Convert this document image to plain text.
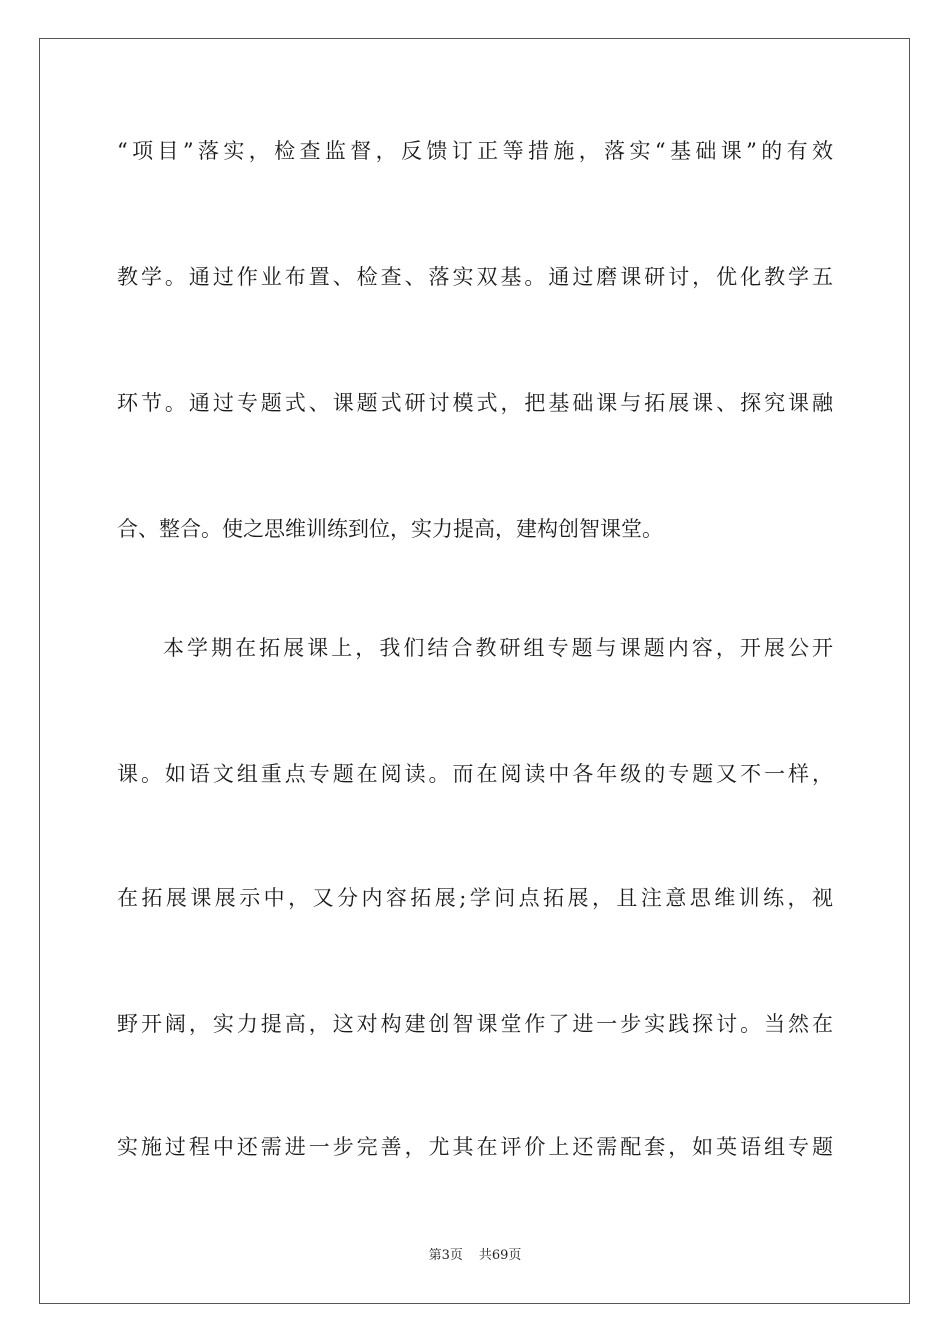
“项目”落实，检查监督，反馈订正等措施，落实“基础课”的有效
教学。通过作业布置、检查、落实双基。通过磨课研讨，优化教学五
环节。通过专题式、课题式研讨模式，把基础课与拓展课、探究课融
合、整合。使之思维训练到位，实力提高，建构创智课堂。
本学期在拓展课上，我们结合教研组专题与课题内容，开展公开
课。如语文组重点专题在阅读。而在阅读中各年级的专题又不一样，
在拓展课展示中，又分内容拓展;学问点拓展，且注意思维训练，视
野开阔，实力提高，这对构建创智课堂作了进一步实践探讨。当然在
实施过程中还需进一步完善，尤其在评价上还需配套，如英语组专题
第3页 共69页
